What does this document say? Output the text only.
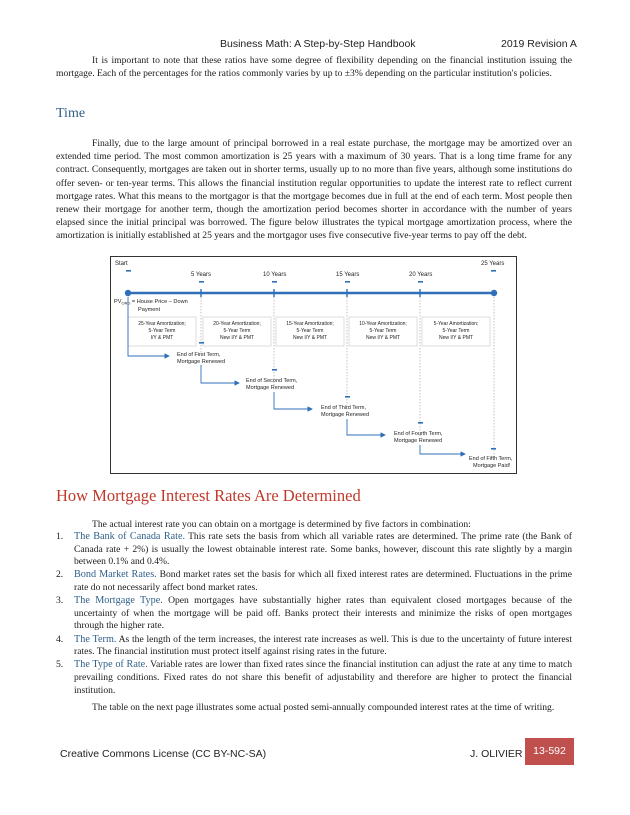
Business Math: A Step-by-Step Handbook	2019 Revision A

It is important to note that these ratios have some degree of flexibility depending on the financial institution issuing the mortgage. Each of the percentages for the ratios commonly varies by up to ±3% depending on the particular institution's policies.

Time

Finally, due to the large amount of principal borrowed in a real estate purchase, the mortgage may be amortized over an extended time period. The most common amortization is 25 years with a maximum of 30 years. That is a long time frame for any contract. Consequently, mortgages are taken out in shorter terms, usually up to no more than five years, although some institutions do offer seven- or ten-year terms. This allows the financial institution regular opportunities to update the interest rate to reflect current mortgage rates. What this means to the mortgagor is that the mortgage becomes due in full at the end of each term. Most people then renew their mortgage for another term, though the amortization period becomes shorter in accordance with the number of years elapsed since the initial principal was borrowed. The figure below illustrates the typical mortgage amortization process, where the amortization is initially established at 25 years and the mortgagor uses five consecutive five-year terms to pay off the debt.

Start
5 Years	10 Years	15 Years	20 Years
25 Years
$PV_{ORD}$ = House Price – Down
Payment
25-Year Amortization;
5-Year Term
I/Y & PMT
20-Year Amortization;
5-Year Term
New I/Y & PMT
15-Year Amortization;
5-Year Term
New I/Y & PMT
10-Year Amortization;
5-Year Term
New I/Y & PMT
5-Year Amortization;
5-Year Term
New I/Y & PMT
End of First Term,
Mortgage Renewed
End of Second Term,
Mortgage Renewed
End of Third Term,
Mortgage Renewed
End of Fourth Term,
Mortgage Renewed
End of Fifth Term,
Mortgage Paid!
How Mortgage Interest Rates Are Determined

The actual interest rate you can obtain on a mortgage is determined by five factors in combination:

1. The Bank of Canada Rate. This rate sets the basis from which all variable rates are determined. The prime rate (the Bank of Canada rate + 2%) is usually the lowest obtainable interest rate. Some banks, however, discount this rate slightly by a margin between 0.1% and 0.4%.
2. Bond Market Rates. Bond market rates set the basis for which all fixed interest rates are determined. Fluctuations in the prime rate do not necessarily affect bond market rates.
3. The Mortgage Type. Open mortgages have substantially higher rates than equivalent closed mortgages because of the uncertainty of when the mortgage will be paid off. Banks protect their interests and minimize the risks of open mortgages through the higher rate.
4. The Term. As the length of the term increases, the interest rate increases as well. This is due to the uncertainty of future interest rates. The financial institution must protect itself against rising rates in the future.
5. The Type of Rate. Variable rates are lower than fixed rates since the financial institution can adjust the rate at any time to match prevailing conditions. Fixed rates do not share this benefit of adjustability and therefore are higher to protect the financial institution.

The table on the next page illustrates some actual posted semi-annually compounded interest rates at the time of writing.

Creative Commons License (CC BY-NC-SA)	J. OLIVIER	13-592
